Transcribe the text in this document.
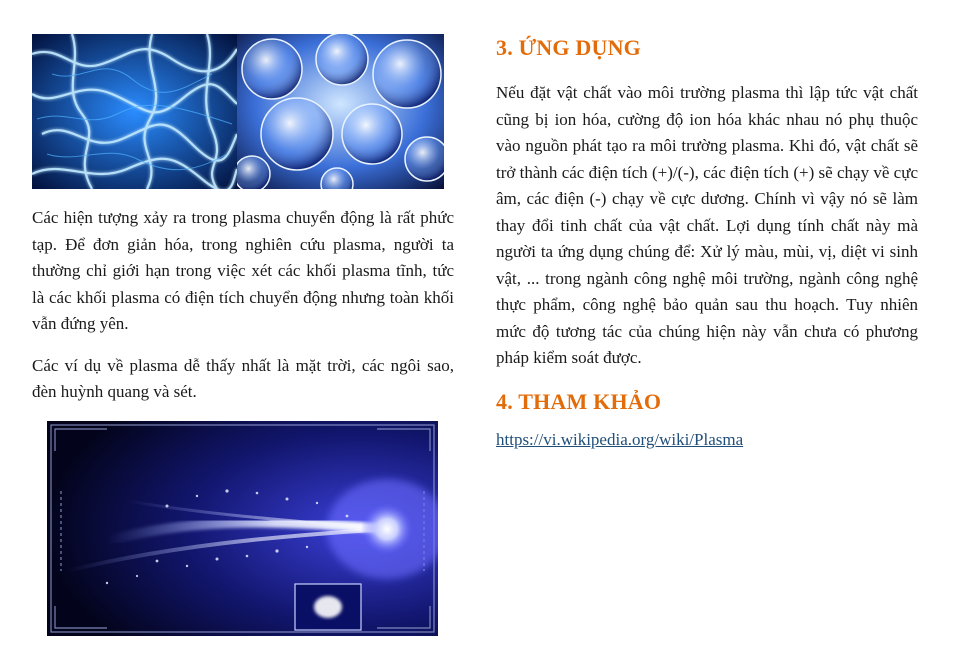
Các hiện tượng xảy ra trong plasma chuyển động là rất phức tạp. Để đơn giản hóa, trong nghiên cứu plasma, người ta thường chỉ giới hạn trong việc xét các khối plasma tĩnh, tức là các khối plasma có điện tích chuyển động nhưng toàn khối vẫn đứng yên.

Các ví dụ về plasma dễ thấy nhất là mặt trời, các ngôi sao, đèn huỳnh quang và sét.

3. ỨNG DỤNG

Nếu đặt vật chất vào môi trường plasma thì lập tức vật chất cũng bị ion hóa, cường độ ion hóa khác nhau nó phụ thuộc vào nguồn phát tạo ra môi trường plasma. Khi đó, vật chất sẽ trở thành các điện tích (+)/(-), các điện tích (+) sẽ chạy về cực âm, các điện (-) chạy về cực dương. Chính vì vậy nó sẽ làm thay đổi tinh chất của vật chất. Lợi dụng tính chất này mà người ta ứng dụng chúng để: Xử lý màu, mùi, vị, diệt vi sinh vật, ... trong ngành công nghệ môi trường, ngành công nghệ thực phẩm, công nghệ bảo quản sau thu hoạch. Tuy nhiên mức độ tương tác của chúng hiện này vẫn chưa có phương pháp kiểm soát được.

4. THAM KHẢO
https://vi.wikipedia.org/wiki/Plasma
